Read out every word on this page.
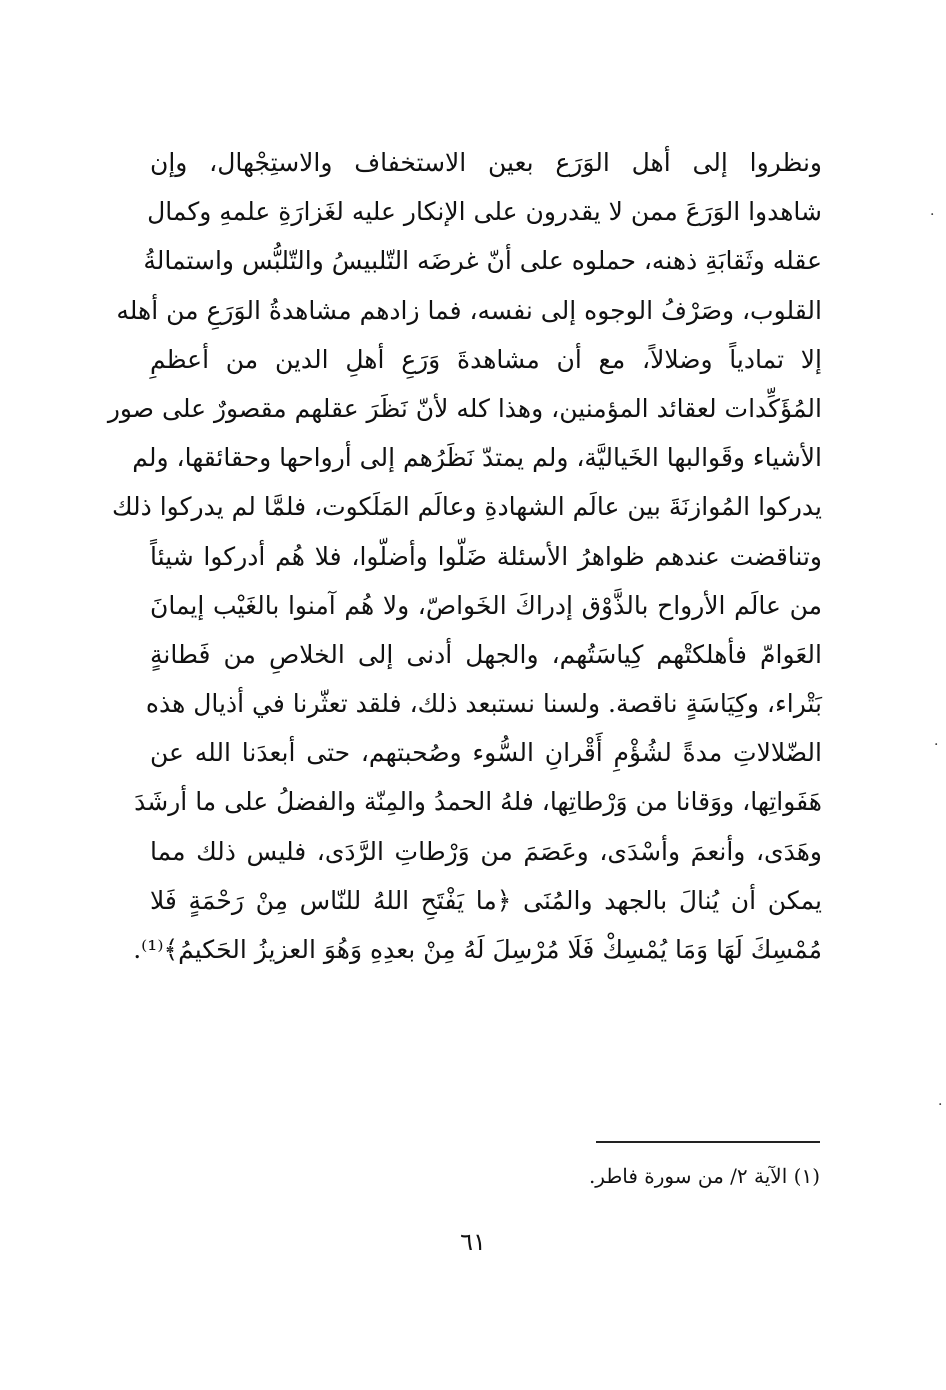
ونظروا إلى أهل الوَرَع بعين الاستخفاف والاستِجْهال، وإن
شاهدوا الوَرَعَ ممن لا يقدرون على الإنكار عليه لغَزارَةِ علمهِ وكمال
عقله وثَقابَةِ ذهنه، حملوه على أنّ غرضَه التّلبيسُ والتّلبُّس واستمالةُ
القلوب، وصَرْفُ الوجوه إلى نفسه، فما زادهم مشاهدةُ الوَرَعِ من أهله
إلا تمادياً وضلالاً، مع أن مشاهدةَ وَرَعِ أهلِ الدين من أعظمِ
المُؤَكِّدات لعقائد المؤمنين، وهذا كله لأنّ نَظَرَ عقلهم مقصورٌ على صور
الأشياء وقَوالبها الخَياليَّة، ولم يمتدّ نَظَرُهم إلى أرواحها وحقائقها، ولم
يدركوا المُوازنَةَ بين عالَم الشهادةِ وعالَم المَلَكوت، فلمَّا لم يدركوا ذلك
وتناقضت عندهم ظواهرُ الأسئلة ضَلّوا وأضلّوا، فلا هُم أدركوا شيئاً
من عالَم الأرواح بالذَّوْق إدراكَ الخَواصّ، ولا هُم آمنوا بالغَيْب إيمانَ
العَوامّ فأهلكتْهم كِياسَتُهم، والجهل أدنى إلى الخلاصِ من فَطانةٍ
بَتْراء، وكِيَاسَةٍ ناقصة. ولسنا نستبعد ذلك، فلقد تعثّرنا في أذيال هذه
الضّلالاتِ مدةً لشُؤْمِ أَقْرانِ السُّوء وصُحبتهم، حتى أبعدَنا الله عن
هَفَواتِها، ووَقانا من وَرْطاتِها، فلهُ الحمدُ والمِنّة والفضلُ على ما أرشَدَ
وهَدَى، وأنعمَ وأسْدَى، وعَصَمَ من وَرْطاتِ الرَّدَى، فليس ذلك مما
يمكن أن يُنالَ بالجهد والمُنَى ﴿ما يَفْتَحِ اللهُ للنّاس مِنْ رَحْمَةٍ فَلا
مُمْسِكَ لَهَا وَمَا يُمْسِكْ فَلَا مُرْسِلَ لَهُ مِنْ بعدِهِ وَهُوَ العزيزُ الحَكيمُ﴾⁽¹⁾.
(١) الآية ٢/ من سورة فاطر.
٦١
·
·
·
